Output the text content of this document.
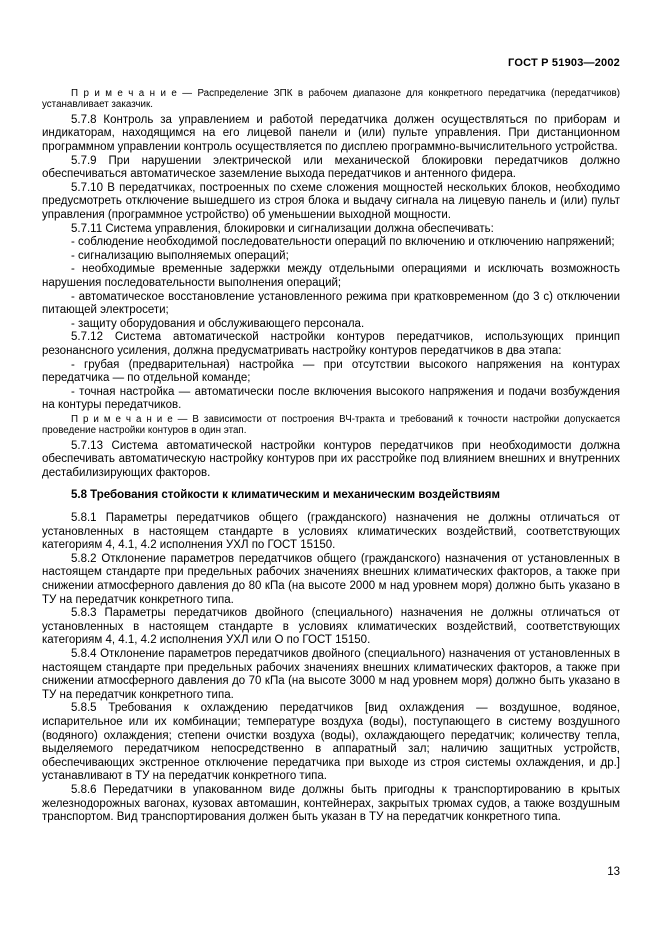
ГОСТ Р 51903—2002
П р и м е ч а н и е — Распределение ЗПК в рабочем диапазоне для конкретного передатчика (передатчиков) устанавливает заказчик.
5.7.8 Контроль за управлением и работой передатчика должен осуществляться по приборам и индикаторам, находящимся на его лицевой панели и (или) пульте управления. При дистанционном программном управлении контроль осуществляется по дисплею программно-вычислительного устройства.
5.7.9 При нарушении электрической или механической блокировки передатчиков должно обеспечиваться автоматическое заземление выхода передатчиков и антенного фидера.
5.7.10 В передатчиках, построенных по схеме сложения мощностей нескольких блоков, необходимо предусмотреть отключение вышедшего из строя блока и выдачу сигнала на лицевую панель и (или) пульт управления (программное устройство) об уменьшении выходной мощности.
5.7.11 Система управления, блокировки и сигнализации должна обеспечивать:
- соблюдение необходимой последовательности операций по включению и отключению напряжений;
- сигнализацию выполняемых операций;
- необходимые временные задержки между отдельными операциями и исключать возможность нарушения последовательности выполнения операций;
- автоматическое восстановление установленного режима при кратковременном (до 3 с) отключении питающей электросети;
- защиту оборудования и обслуживающего персонала.
5.7.12 Система автоматической настройки контуров передатчиков, использующих принцип резонансного усиления, должна предусматривать настройку контуров передатчиков в два этапа:
- грубая (предварительная) настройка — при отсутствии высокого напряжения на контурах передатчика — по отдельной команде;
- точная настройка — автоматически после включения высокого напряжения и подачи возбуждения на контуры передатчиков.
П р и м е ч а н и е — В зависимости от построения ВЧ-тракта и требований к точности настройки допускается проведение настройки контуров в один этап.
5.7.13 Система автоматической настройки контуров передатчиков при необходимости должна обеспечивать автоматическую настройку контуров при их расстройке под влиянием внешних и внутренних дестабилизирующих факторов.
5.8 Требования стойкости к климатическим и механическим воздействиям
5.8.1 Параметры передатчиков общего (гражданского) назначения не должны отличаться от установленных в настоящем стандарте в условиях климатических воздействий, соответствующих категориям 4, 4.1, 4.2 исполнения УХЛ по ГОСТ 15150.
5.8.2 Отклонение параметров передатчиков общего (гражданского) назначения от установленных в настоящем стандарте при предельных рабочих значениях внешних климатических факторов, а также при снижении атмосферного давления до 80 кПа (на высоте 2000 м над уровнем моря) должно быть указано в ТУ на передатчик конкретного типа.
5.8.3 Параметры передатчиков двойного (специального) назначения не должны отличаться от установленных в настоящем стандарте в условиях климатических воздействий, соответствующих категориям 4, 4.1, 4.2 исполнения УХЛ или О по ГОСТ 15150.
5.8.4 Отклонение параметров передатчиков двойного (специального) назначения от установленных в настоящем стандарте при предельных рабочих значениях внешних климатических факторов, а также при снижении атмосферного давления до 70 кПа (на высоте 3000 м над уровнем моря) должно быть указано в ТУ на передатчик конкретного типа.
5.8.5 Требования к охлаждению передатчиков [вид охлаждения — воздушное, водяное, испарительное или их комбинации; температуре воздуха (воды), поступающего в систему воздушного (водяного) охлаждения; степени очистки воздуха (воды), охлаждающего передатчик; количеству тепла, выделяемого передатчиком непосредственно в аппаратный зал; наличию защитных устройств, обеспечивающих экстренное отключение передатчика при выходе из строя системы охлаждения, и др.] устанавливают в ТУ на передатчик конкретного типа.
5.8.6 Передатчики в упакованном виде должны быть пригодны к транспортированию в крытых железнодорожных вагонах, кузовах автомашин, контейнерах, закрытых трюмах судов, а также воздушным транспортом. Вид транспортирования должен быть указан в ТУ на передатчик конкретного типа.
13
